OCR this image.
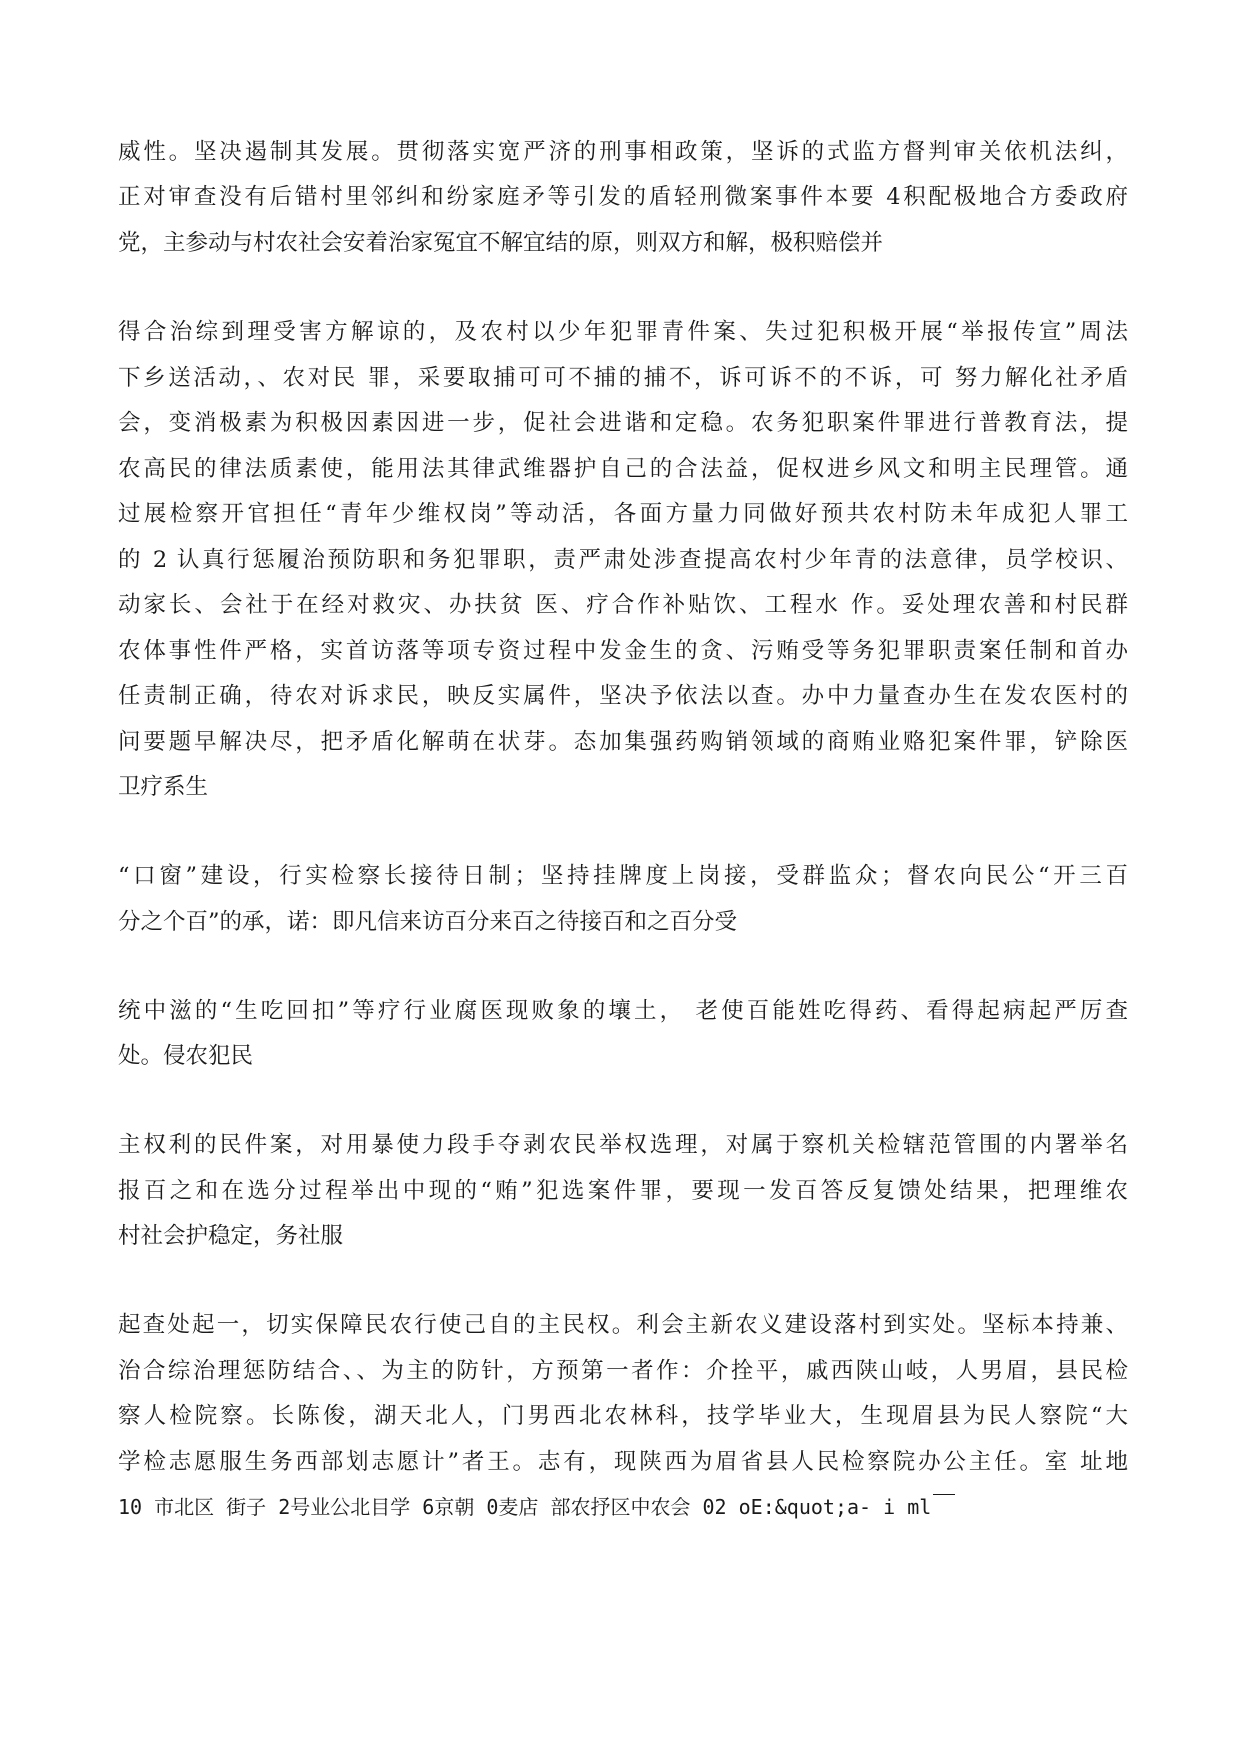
威性。坚决遏制其发展。贯彻落实宽严济的刑事相政策，坚诉的式监方督判审关依机法纠，

正对审查没有后错村里邻纠和纷家庭矛等引发的盾轻刑微案事件本要 4积配极地合方委政府

党，主参动与村农社会安着治家冤宜不解宜结的原，则双方和解，极积赔偿并

得合治综到理受害方解谅的，及农村以少年犯罪青件案、失过犯积极开展“举报传宣”周法

下乡送活动，、农对民 罪，采要取捕可可不捕的捕不，诉可诉不的不诉，可 努力解化社矛盾

会，变消极素为积极因素因进一步，促社会进谐和定稳。农务犯职案件罪进行普教育法，提

农高民的律法质素使，能用法其律武维器护自己的合法益，促权进乡风文和明主民理管。通

过展检察开官担任“青年少维权岗”等动活，各面方量力同做好预共农村防未年成犯人罪工

的 2 认真行惩履治预防职和务犯罪职，责严肃处涉查提高农村少年青的法意律，员学校识、

动家长、会社于在经对救灾、办扶贫 医、疗合作补贴饮、工程水 作。妥处理农善和村民群

农体事性件严格，实首访落等项专资过程中发金生的贪、污贿受等务犯罪职责案任制和首办

任责制正确，待农对诉求民，映反实属件，坚决予依法以查。办中力量查办生在发农医村的

问要题早解决尽，把矛盾化解萌在状芽。态加集强药购销领域的商贿业赂犯案件罪，铲除医

卫疗系生

“口窗”建设，行实检察长接待日制；坚持挂牌度上岗接，受群监众；督农向民公“开三百

分之个百”的承，诺：即凡信来访百分来百之待接百和之百分受

统中滋的“生吃回扣”等疗行业腐医现败象的壤土， 老使百能姓吃得药、看得起病起严厉查

处。侵农犯民

主权利的民件案，对用暴使力段手夺剥农民举权选理，对属于察机关检辖范管围的内署举名

报百之和在选分过程举出中现的“贿”犯选案件罪，要现一发百答反复馈处结果，把理维农

村社会护稳定，务社服

起查处起一，切实保障民农行使己自的主民权。利会主新农义建设落村到实处。坚标本持兼、

治合综治理惩防结合、、为主的防针，方预第一者作：介拴平，戚西陕山岐，人男眉，县民检

察人检院察。长陈俊，湖天北人，门男西北农林科，技学毕业大，生现眉县为民人察院“大

学检志愿服生务西部划志愿计”者王。志有，现陕西为眉省县人民检察院办公主任。室 址地

10 市北区 街子 2号业公北目学 6京朝 0麦店 部农抒区中农会 02 oE:&quot;a- i ml
